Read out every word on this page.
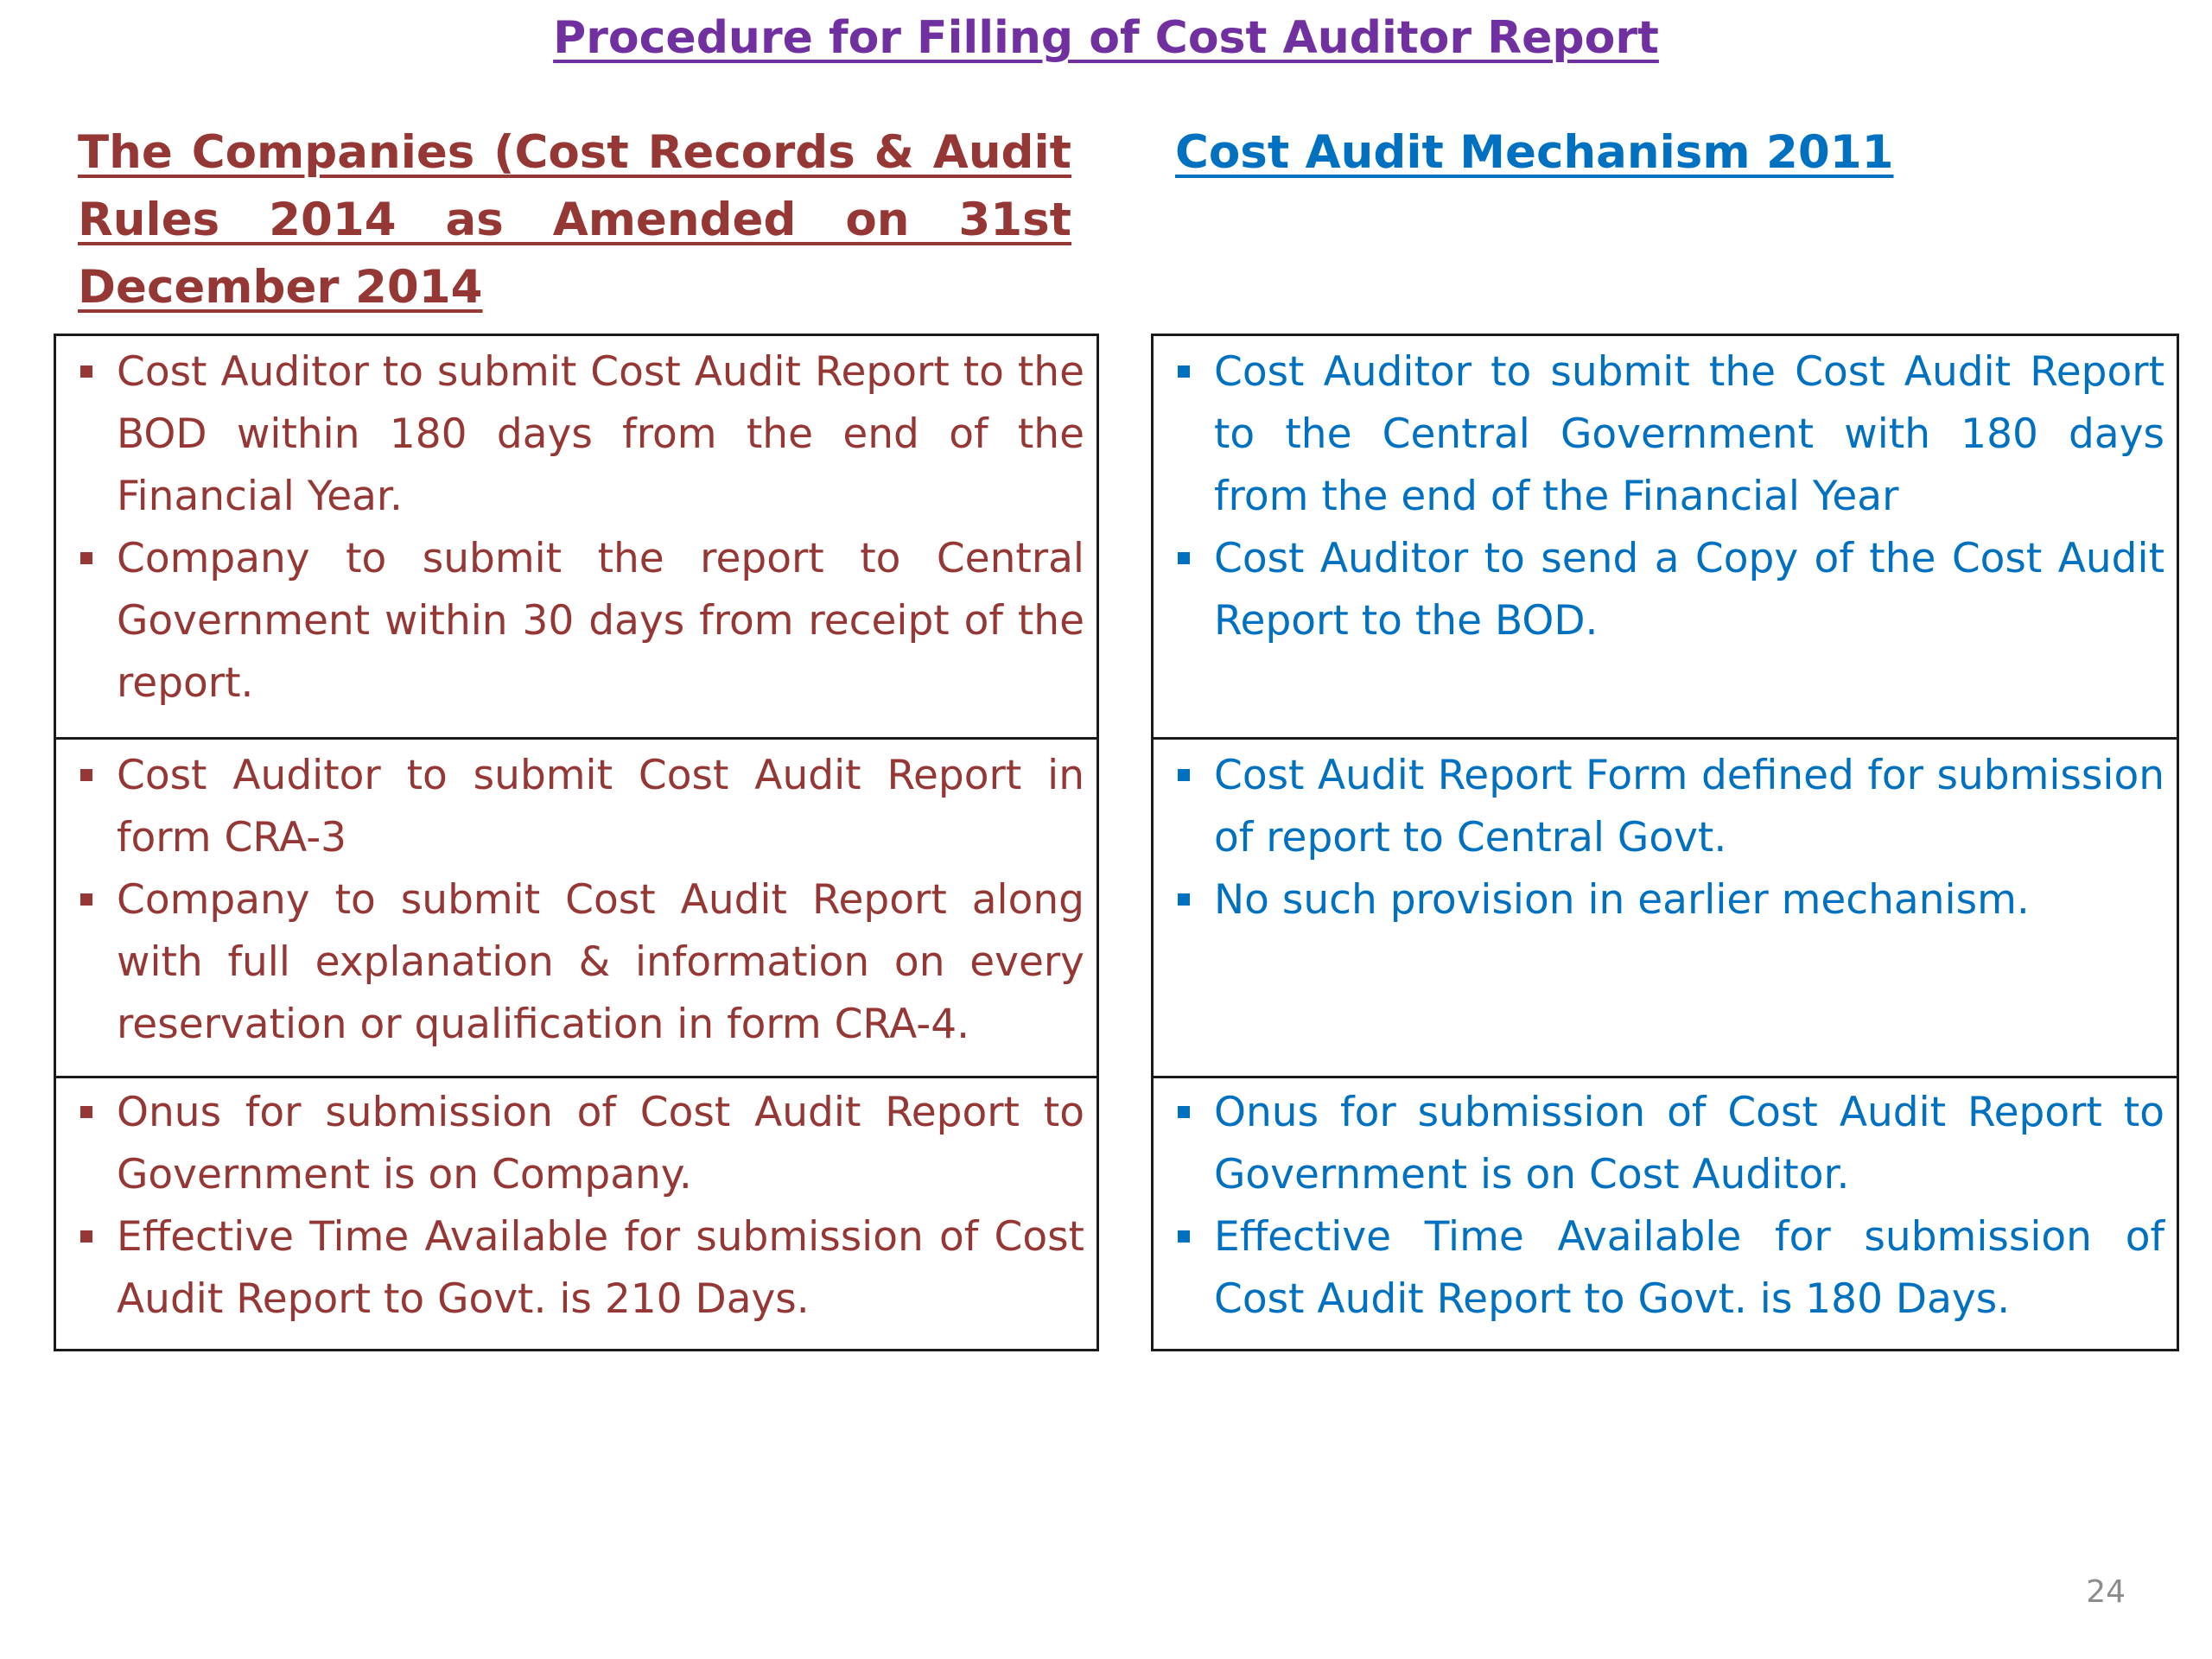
Procedure for Filling of Cost Auditor Report
The Companies (Cost Records & Audit Rules 2014 as Amended on 31st December 2014
Cost Audit Mechanism 2011
Cost Auditor to submit Cost Audit Report to the BOD within 180 days from the end of the Financial Year.
Company to submit the report to Central Government within 30 days from receipt of the report.
Cost Auditor to submit Cost Audit Report in form CRA-3
Company to submit Cost Audit Report along with full explanation & information on every reservation or qualification in form CRA-4.
Onus for submission of Cost Audit Report to Government is on Company.
Effective Time Available for submission of Cost Audit Report to Govt. is 210 Days.
Cost Auditor to submit the Cost Audit Report to the Central Government with 180 days from the end of the Financial Year
Cost Auditor to send a Copy of the Cost Audit Report to the BOD.
Cost Audit Report Form defined for submission of report to Central Govt.
No such provision in earlier mechanism.
Onus for submission of Cost Audit Report to Government is on Cost Auditor.
Effective Time Available for submission of Cost Audit Report to Govt. is 180 Days.

24
